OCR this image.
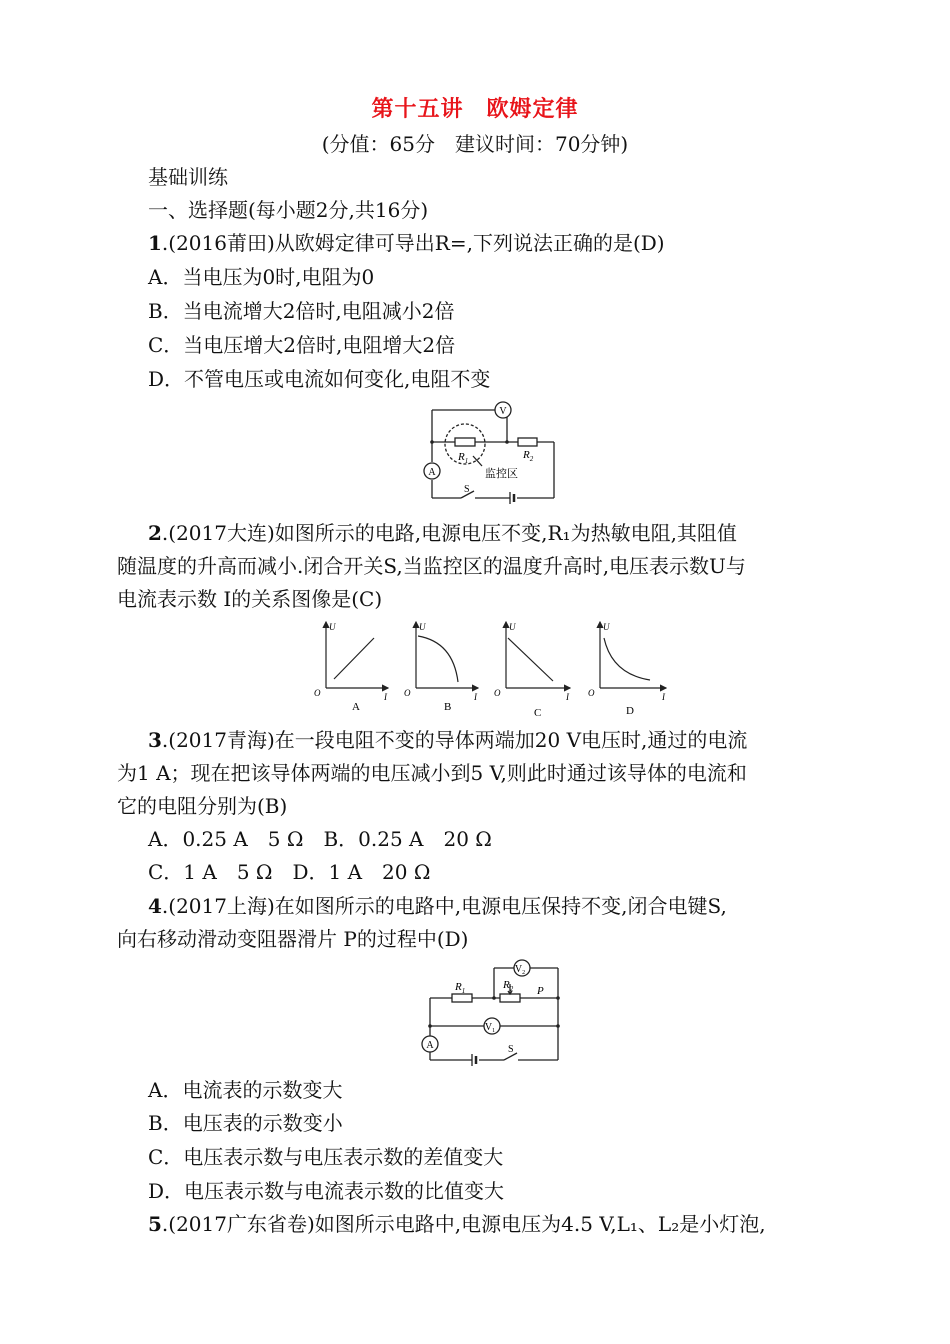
第十五讲　欧姆定律
(分值：65分　建议时间：70分钟)
基础训练
一、选择题(每小题2分,共16分)
1.(2016莆田)从欧姆定律可导出R=,下列说法正确的是(D)
A．当电压为0时,电阻为0
B．当电流增大2倍时,电阻减小2倍
C．当电压增大2倍时,电阻增大2倍
D．不管电压或电流如何变化,电阻不变
V
A
$R_1$	$R_2$
监控区
S
2.(2017大连)如图所示的电路,电源电压不变,R₁为热敏电阻,其阻值
随温度的升高而减小.闭合开关S,当监控区的温度升高时,电压表示数U与
电流表示数 I的关系图像是(C)
U
I
O
U
I
O
U
I
O
U
I
O
A	B	C	D
3.(2017青海)在一段电阻不变的导体两端加20 V电压时,通过的电流
为1 A；现在把该导体两端的电压减小到5 V,则此时通过该导体的电流和
它的电阻分别为(B)
A．0.25 A　5 Ω　B．0.25 A　20 Ω
C．1 A　5 Ω　D．1 A　20 Ω
4.(2017上海)在如图所示的电路中,电源电压保持不变,闭合电键S,
向右移动滑动变阻器滑片 P的过程中(D)
$V_2$
$V_1$
A
$R_1$	$R_2$ P
S
A．电流表的示数变大
B．电压表的示数变小
C．电压表示数与电压表示数的差值变大
D．电压表示数与电流表示数的比值变大
5.(2017广东省卷)如图所示电路中,电源电压为4.5 V,L₁、L₂是小灯泡,
